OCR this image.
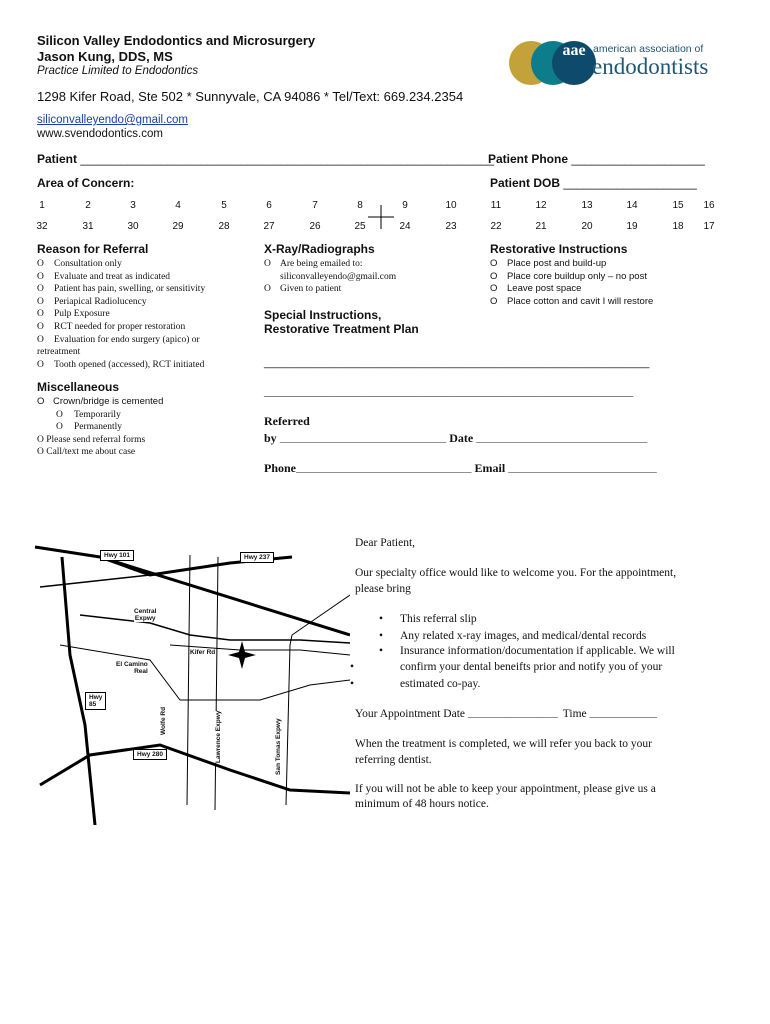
Silicon Valley Endodontics and Microsurgery
Jason Kung, DDS, MS
Practice Limited to Endodontics
1298 Kifer Road, Ste 502 * Sunnyvale, CA 94086 * Tel/Text: 669.234.2354
siliconvalleyendo@gmail.com
www.svendodontics.com
aae american association of
endodontists
Patient ______________________________________________________________
Patient Phone ____________________
Area of Concern:	Patient DOB ____________________
1	2	3	4	5	6	7	8	9	10	11	12	13	14	15	16
32	31	30	29	28	27	26	25	24	23	22	21	20	19	18	17
Reason for Referral
O Consultation only
O Evaluate and treat as indicated
O Patient has pain, swelling, or sensitivity
O Periapical Radiolucency
O Pulp Exposure
O RCT needed for proper restoration
O Evaluation for endo surgery (apico) or
retreatment
O Tooth opened (accessed), RCT initiated
X-Ray/Radiographs
O Are being emailed to:
siliconvalleyendo@gmail.com
O Given to patient
Restorative Instructions
O Place post and build-up
O Place core buildup only – no post
O Leave post space
O Place cotton and cavit I will restore
Special Instructions,
Restorative Treatment Plan
_______________________________________________________________
___________________________________________________________________________________
Miscellaneous
O Crown/bridge is cemented
O Temporarily
O Permanently
O Please send referral forms
O Call/text me about case
Referred
by _____________________________________ Date ______________________________________
Phone_______________________________________ Email _________________________________
Hwy 101	Hwy 237
Central
Expwy
Kifer Rd
El Camino
Real
Hwy
85
Hwy 280
Wolfe Rd	Lawrence Expwy	San Tomas Expwy
Dear Patient,
Our specialty office would like to welcome you. For the appointment,
please bring
• This referral slip
• Any related x-ray images, and medical/dental records
• Insurance information/documentation if applicable. We will
•	confirm your dental beneifts prior and notify you of your
•	estimated co-pay.
Your Appointment Date ____________________ Time _______________
When the treatment is completed, we will refer you back to your
referring dentist.
If you will not be able to keep your appointment, please give us a
minimum of 48 hours notice.
